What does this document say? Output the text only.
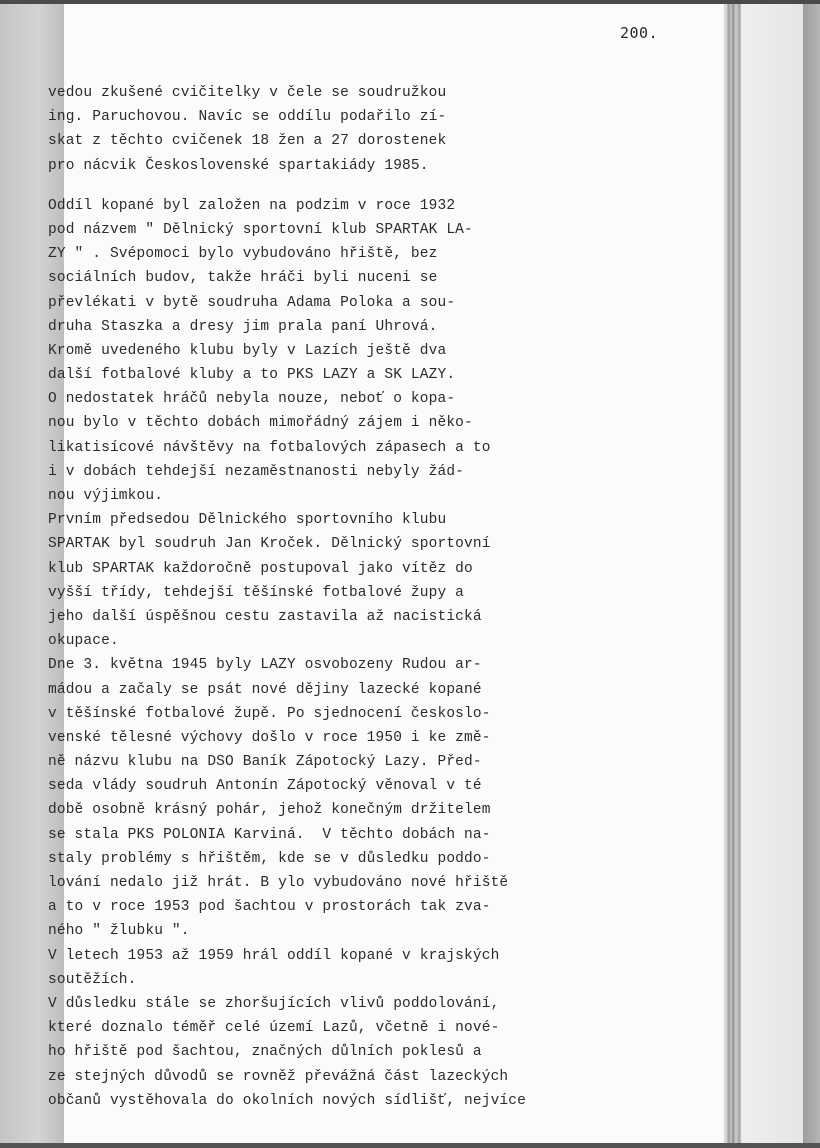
200.
vedou zkušené cvičitelky v čele se soudružkou
ing. Paruchovou. Navíc se oddílu podařilo zí-
skat z těchto cvičenek 18 žen a 27 dorostenek
pro nácvik Československé spartakiády 1985.
Oddíl kopané byl založen na podzim v roce 1932
pod názvem " Dělnický sportovní klub SPARTAK LA-
ZY " . Svépomoci bylo vybudováno hřiště, bez
sociálních budov, takže hráči byli nuceni se
převlékati v bytě soudruha Adama Poloka a sou-
druha Staszka a dresy jim prala paní Uhrová.
Kromě uvedeného klubu byly v Lazích ještě dva
další fotbalové kluby a to PKS LAZY a SK LAZY.
O nedostatek hráčů nebyla nouze, neboť o kopa-
nou bylo v těchto dobách mimořádný zájem i něko-
likatisícové návštěvy na fotbalových zápasech a to
i v dobách tehdejší nezaměstnanosti nebyly žád-
nou výjimkou.
Prvním předsedou Dělnického sportovního klubu
SPARTAK byl soudruh Jan Kroček. Dělnický sportovní
klub SPARTAK každoročně postupoval jako vítěz do
vyšší třídy, tehdejší těšínské fotbalové župy a
jeho další úspěšnou cestu zastavila až nacistická
okupace.
Dne 3. května 1945 byly LAZY osvobozeny Rudou ar-
mádou a začaly se psát nové dějiny lazecké kopané
v těšínské fotbalové župě. Po sjednocení českoslo-
venské tělesné výchovy došlo v roce 1950 i ke změ-
ně názvu klubu na DSO Baník Zápotocký Lazy. Před-
seda vlády soudruh Antonín Zápotocký věnoval v té
době osobně krásný pohár, jehož konečným držitelem
se stala PKS POLONIA Karviná.  V těchto dobách na-
staly problémy s hřištěm, kde se v důsledku poddo-
lování nedalo již hrát. B ylo vybudováno nové hřiště
a to v roce 1953 pod šachtou v prostorách tak zva-
ného " žlubku ".
V letech 1953 až 1959 hrál oddíl kopané v krajských
soutěžích.
V důsledku stále se zhoršujících vlivů poddolování,
které doznalo téměř celé území Lazů, včetně i nové-
ho hřiště pod šachtou, značných důlních poklesů a
ze stejných důvodů se rovněž převážná část lazeckých
občanů vystěhovala do okolních nových sídlišť, nejvíce
